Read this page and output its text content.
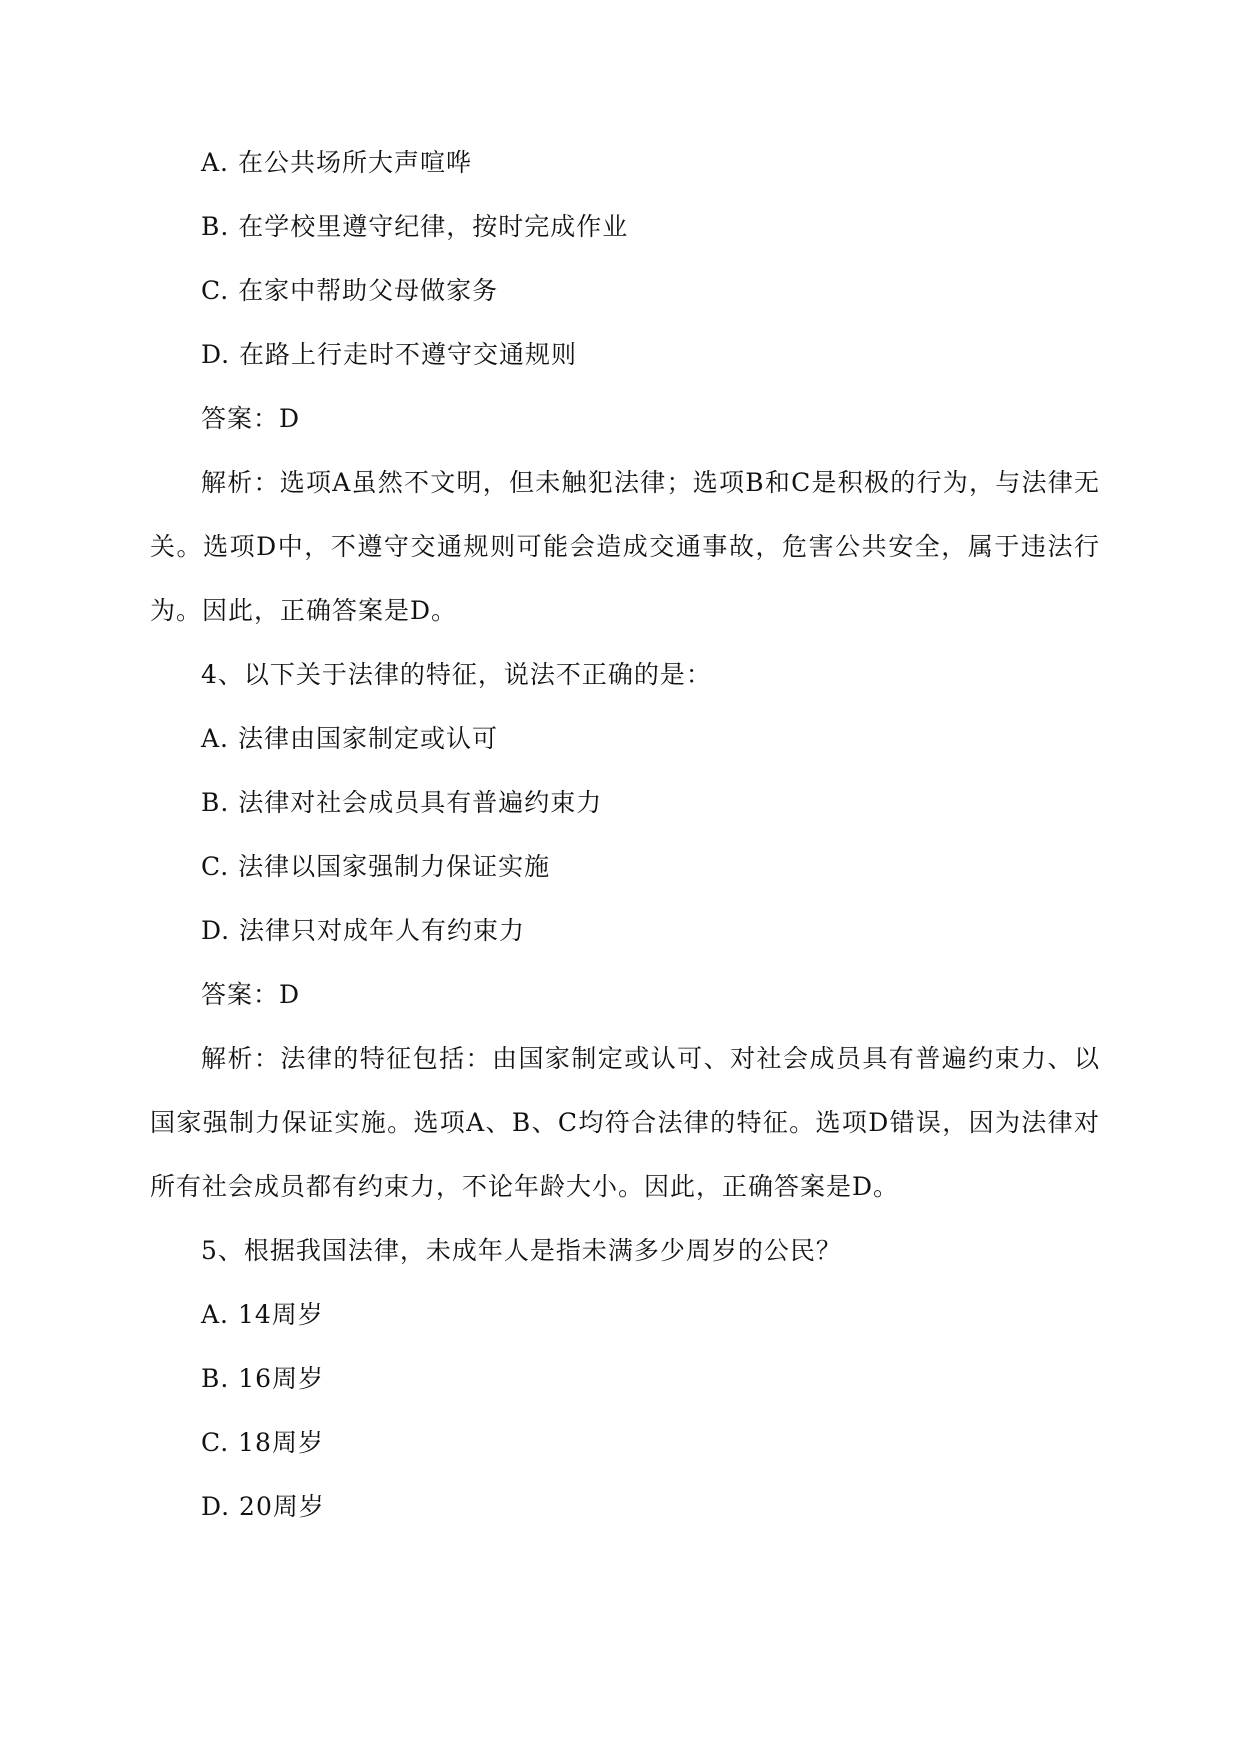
A. 在公共场所大声喧哗
B. 在学校里遵守纪律，按时完成作业
C. 在家中帮助父母做家务
D. 在路上行走时不遵守交通规则
答案：D
解析：选项A虽然不文明，但未触犯法律；选项B和C是积极的行为，与法律无关。选项D中，不遵守交通规则可能会造成交通事故，危害公共安全，属于违法行为。因此，正确答案是D。
4、以下关于法律的特征，说法不正确的是：
A. 法律由国家制定或认可
B. 法律对社会成员具有普遍约束力
C. 法律以国家强制力保证实施
D. 法律只对成年人有约束力
答案：D
解析：法律的特征包括：由国家制定或认可、对社会成员具有普遍约束力、以国家强制力保证实施。选项A、B、C均符合法律的特征。选项D错误，因为法律对所有社会成员都有约束力，不论年龄大小。因此，正确答案是D。
5、根据我国法律，未成年人是指未满多少周岁的公民？
A. 14周岁
B. 16周岁
C. 18周岁
D. 20周岁
